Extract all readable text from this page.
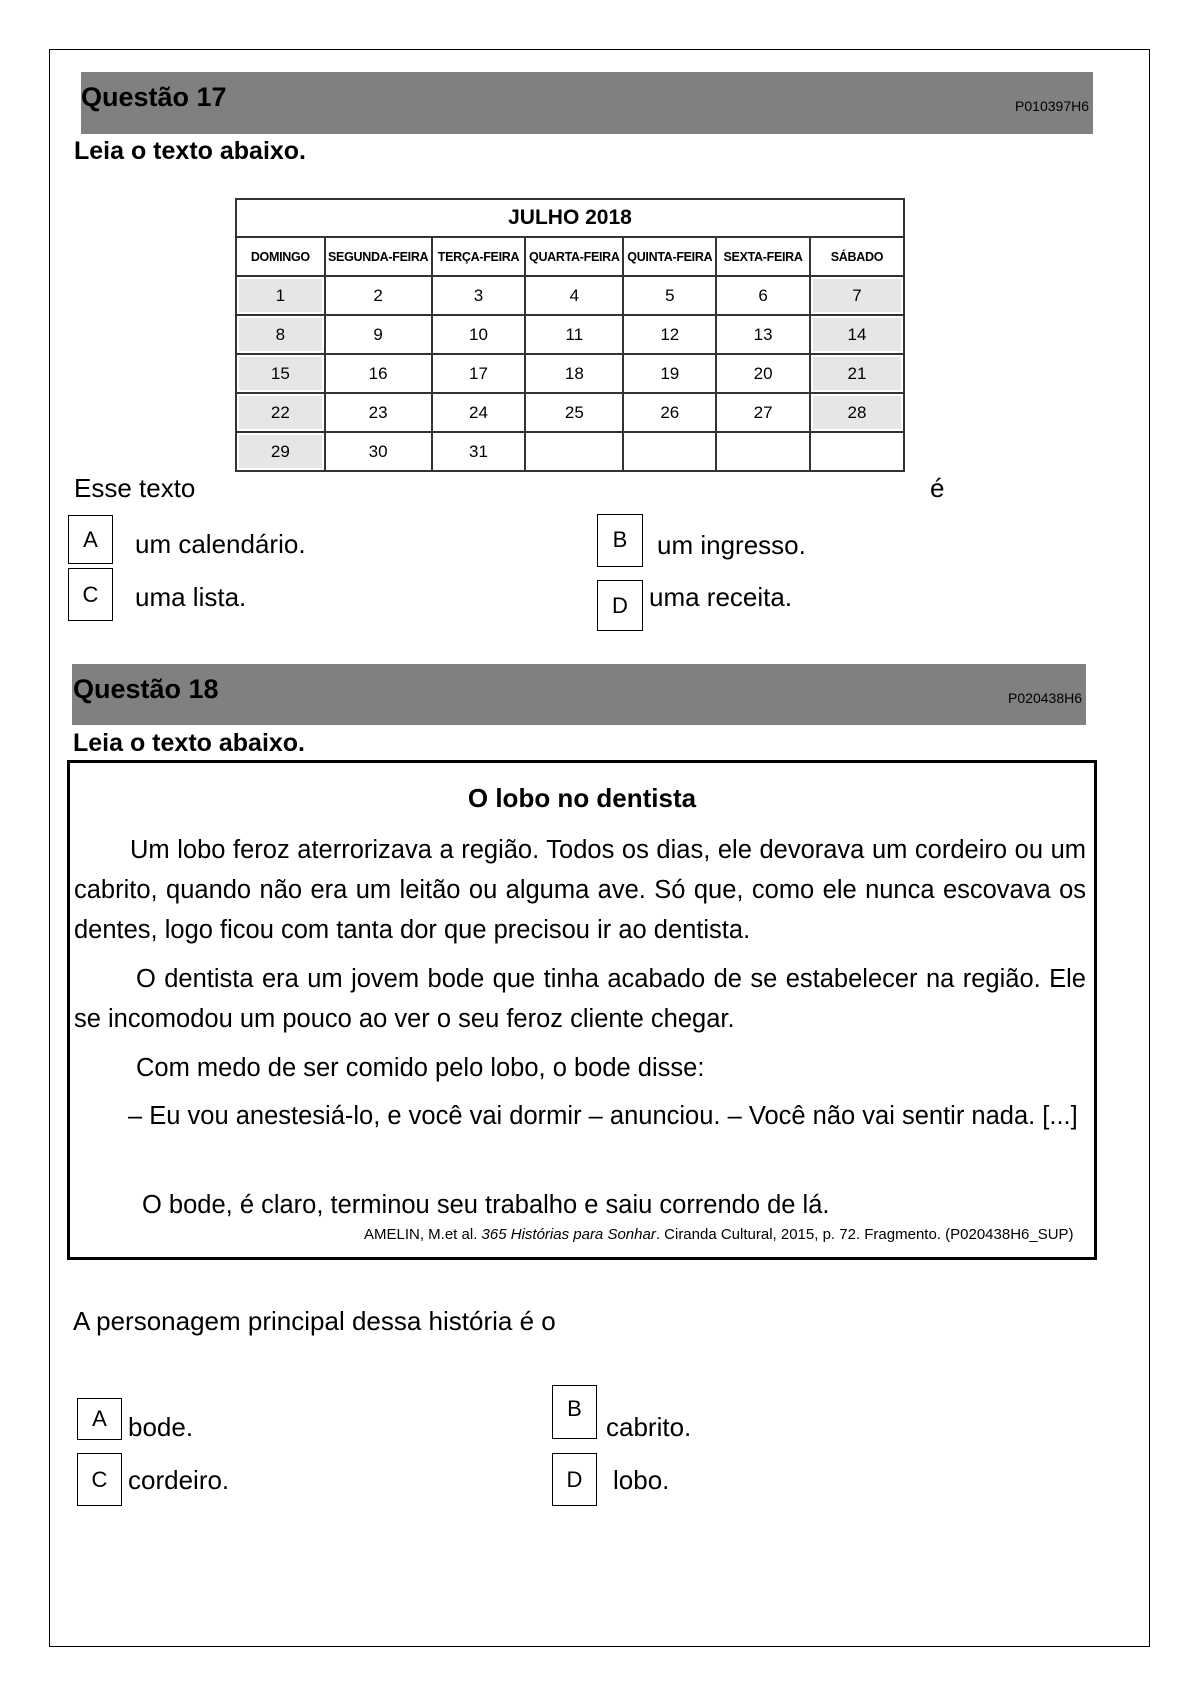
Questão 17	P010397H6
Leia o texto abaixo.
JULHO 2018						
DOMINGO	SEGUNDA-FEIRA	TERÇA-FEIRA	QUARTA-FEIRA	QUINTA-FEIRA	SEXTA-FEIRA	SÁBADO
1	2	3	4	5	6	7
8	9	10	11	12	13	14
15	16	17	18	19	20	21
22	23	24	25	26	27	28
29	30	31				
Esse texto	é
A	um calendário.	B	um ingresso.
C	uma lista.	D uma receita.
Questão 18	P020438H6
Leia o texto abaixo.
O lobo no dentista

Um lobo feroz aterrorizava a região. Todos os dias, ele devorava um cordeiro ou um cabrito, quando não era um leitão ou alguma ave. Só que, como ele nunca escovava os dentes, logo ficou com tanta dor que precisou ir ao dentista.

O dentista era um jovem bode que tinha acabado de se estabelecer na região. Ele se incomodou um pouco ao ver o seu feroz cliente chegar.

Com medo de ser comido pelo lobo, o bode disse:

– Eu vou anestesiá-lo, e você vai dormir – anunciou. – Você não vai sentir nada. [...]

O bode, é claro, terminou seu trabalho e saiu correndo de lá.

AMELIN, M.et al. 365 Histórias para Sonhar. Ciranda Cultural, 2015, p. 72. Fragmento. (P020438H6_SUP)
A personagem principal dessa história é o
A bode.
B
cabrito.
C cordeiro.	D	lobo.
